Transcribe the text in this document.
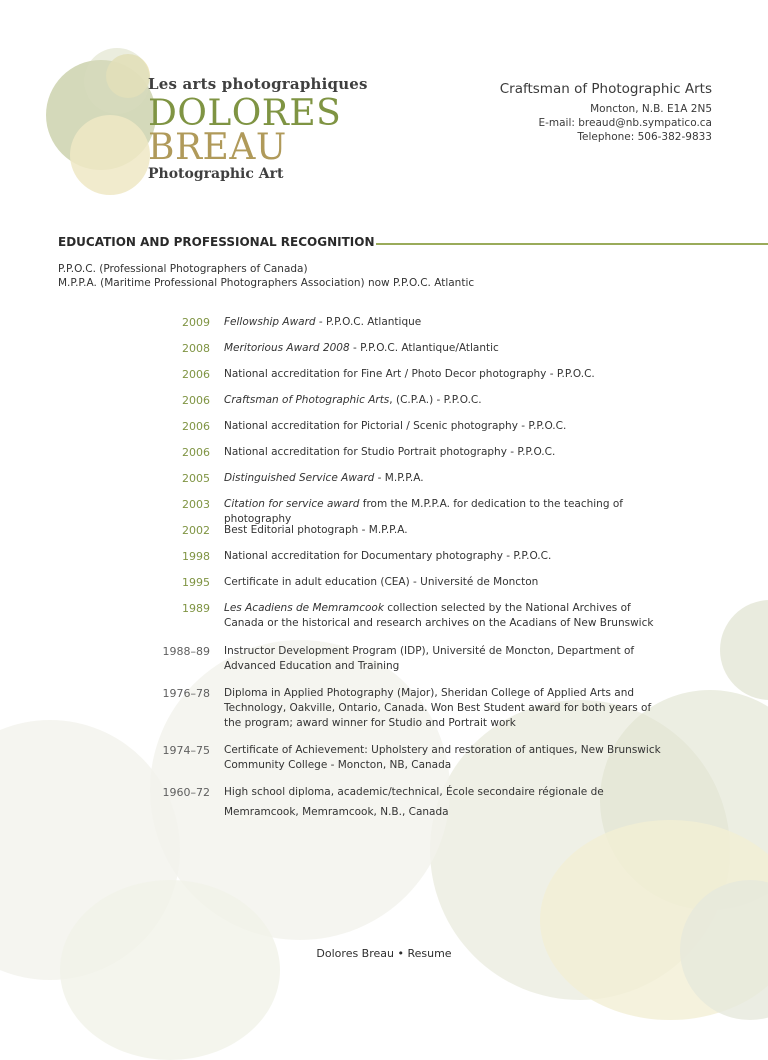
Les arts photographiques
DOLORES
BREAU
Photographic Art
Craftsman of Photographic Arts
Moncton, N.B. E1A 2N5
E-mail: breaud@nb.sympatico.ca
Telephone: 506-382-9833
EDUCATION AND PROFESSIONAL RECOGNITION
P.P.O.C. (Professional Photographers of Canada)
M.P.P.A. (Maritime Professional Photographers Association) now P.P.O.C. Atlantic
2009 Fellowship Award - P.P.O.C. Atlantique
2008 Meritorious Award 2008 - P.P.O.C. Atlantique/Atlantic
2006 National accreditation for Fine Art / Photo Decor photography - P.P.O.C.
2006 Craftsman of Photographic Arts, (C.P.A.) - P.P.O.C.
2006 National accreditation for Pictorial / Scenic photography - P.P.O.C.
2006 National accreditation for Studio Portrait photography - P.P.O.C.
2005 Distinguished Service Award - M.P.P.A.
2003 Citation for service award from the M.P.P.A. for dedication to the teaching of photography
2002 Best Editorial photograph - M.P.P.A.
1998 National accreditation for Documentary photography - P.P.O.C.
1995 Certificate in adult education (CEA) - Université de Moncton
1989 Les Acadiens de Memramcook collection selected by the National Archives of Canada or the historical and research archives on the Acadians of New Brunswick
1988–89 Instructor Development Program (IDP), Université de Moncton, Department of Advanced Education and Training
1976–78 Diploma in Applied Photography (Major), Sheridan College of Applied Arts and Technology, Oakville, Ontario, Canada. Won Best Student award for both years of the program; award winner for Studio and Portrait work
1974–75 Certificate of Achievement: Upholstery and restoration of antiques, New Brunswick Community College - Moncton, NB, Canada
1960–72 High school diploma, academic/technical, École secondaire régionale de Memramcook, Memramcook, N.B., Canada
Dolores Breau • Resume
